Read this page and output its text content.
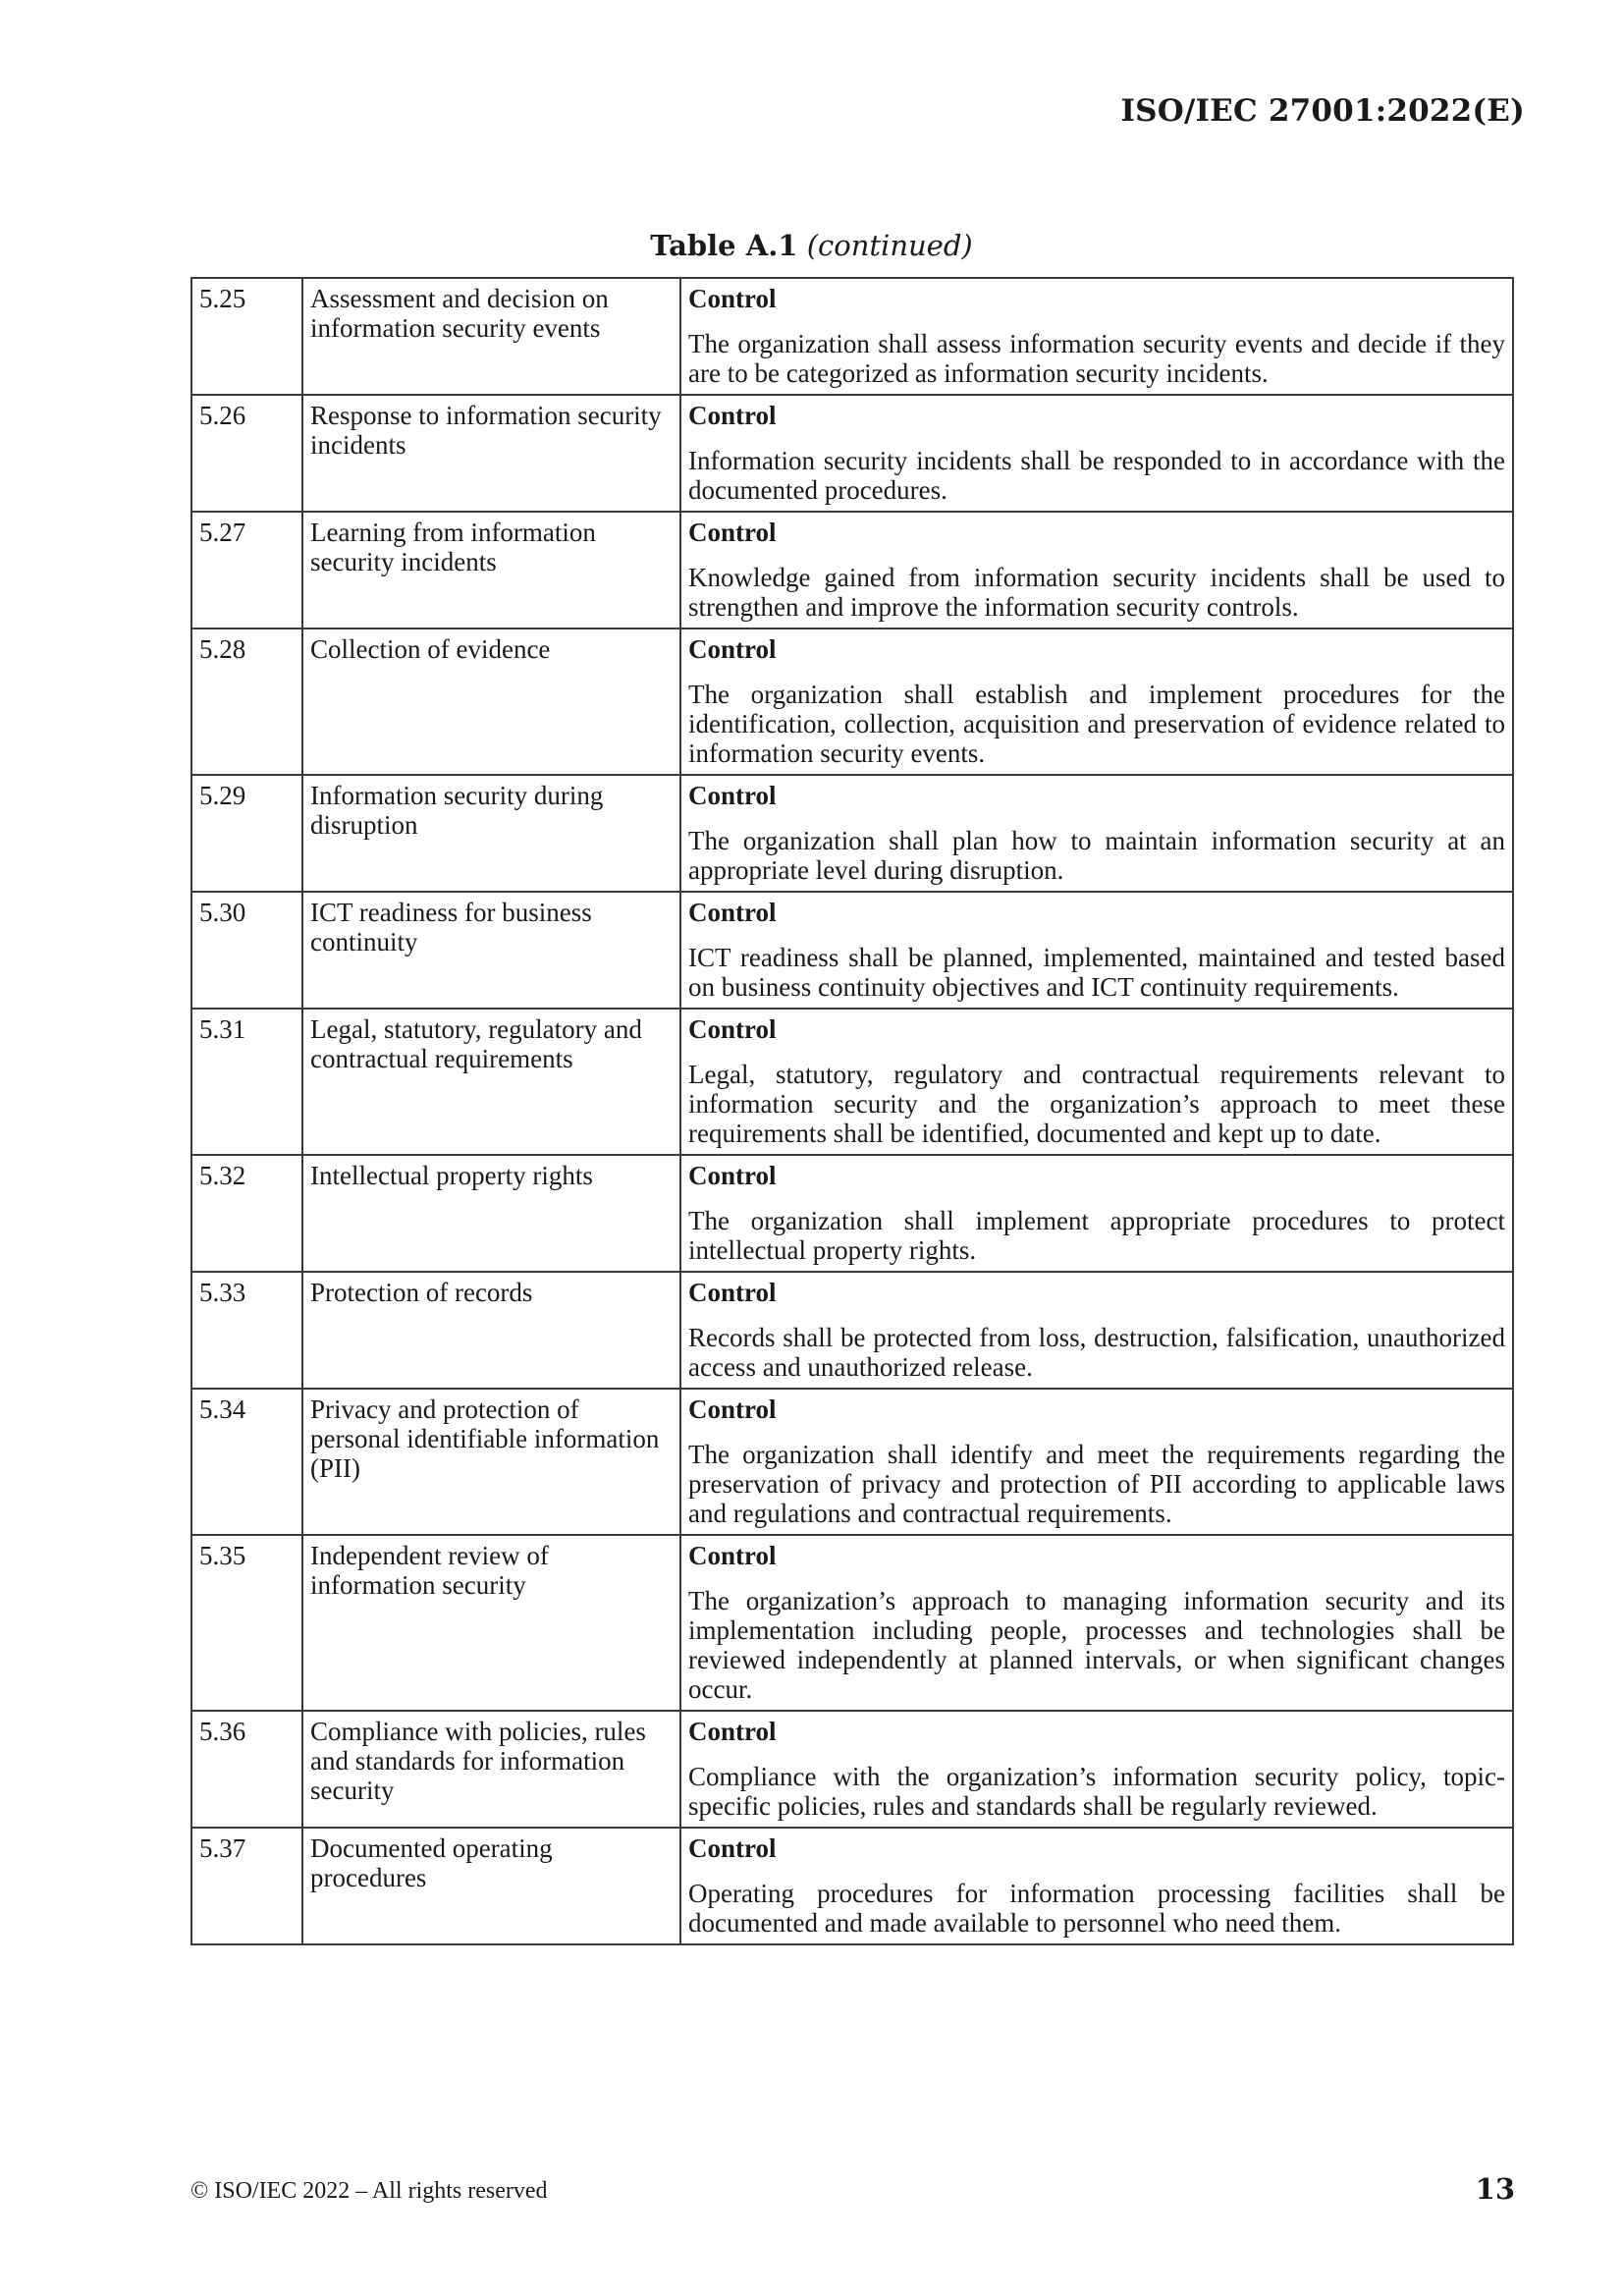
ISO/IEC 27001:2022(E)
Table A.1 (continued)
5.25	Assessment and decision on information security events	Control
The organization shall assess information security events and decide if they are to be categorized as information security incidents.

5.26	Response to information security incidents	Control
Information security incidents shall be responded to in accordance with the documented procedures.

5.27	Learning from information security incidents	Control
Knowledge gained from information security incidents shall be used to strengthen and improve the information security controls.

5.28	Collection of evidence	Control
The organization shall establish and implement procedures for the identification, collection, acquisition and preservation of evidence related to information security events.

5.29	Information security during disruption	Control
The organization shall plan how to maintain information security at an appropriate level during disruption.

5.30	ICT readiness for business continuity	Control
ICT readiness shall be planned, implemented, maintained and tested based on business continuity objectives and ICT continuity requirements.

5.31	Legal, statutory, regulatory and contractual requirements	Control
Legal, statutory, regulatory and contractual requirements relevant to information security and the organization’s approach to meet these requirements shall be identified, documented and kept up to date.

5.32	Intellectual property rights	Control
The organization shall implement appropriate procedures to protect intellectual property rights.

5.33	Protection of records	Control
Records shall be protected from loss, destruction, falsification, unauthorized access and unauthorized release.

5.34	Privacy and protection of personal identifiable information (PII)	Control
The organization shall identify and meet the requirements regarding the preservation of privacy and protection of PII according to applicable laws and regulations and contractual requirements.

5.35	Independent review of information security	Control
The organization’s approach to managing information security and its implementation including people, processes and technologies shall be reviewed independently at planned intervals, or when significant changes occur.

5.36	Compliance with policies, rules and standards for information security	Control
Compliance with the organization’s information security policy, topic-specific policies, rules and standards shall be regularly reviewed.

5.37	Documented operating procedures	Control
Operating procedures for information processing facilities shall be documented and made available to personnel who need them.
© ISO/IEC 2022 – All rights reserved	13
